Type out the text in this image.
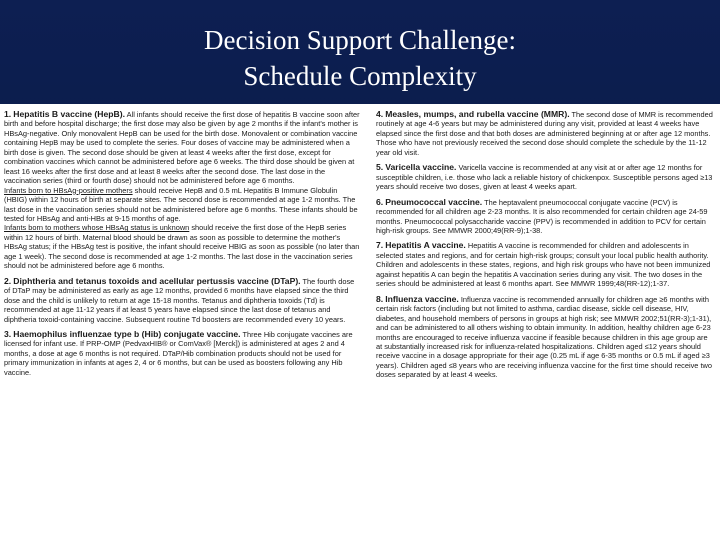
Decision Support Challenge:
Schedule Complexity

1. Hepatitis B vaccine (HepB). All infants should receive the first dose of hepatitis B vaccine soon after birth and before hospital discharge; the first dose may also be given by age 2 months if the infant's mother is HBsAg-negative. Only monovalent HepB can be used for the birth dose. Monovalent or combination vaccine containing HepB may be used to complete the series. Four doses of vaccine may be administered when a birth dose is given. The second dose should be given at least 4 weeks after the first dose, except for combination vaccines which cannot be administered before age 6 weeks. The third dose should be given at least 16 weeks after the first dose and at least 8 weeks after the second dose. The last dose in the vaccination series (third or fourth dose) should not be administered before age 6 months.

Infants born to HBsAg-positive mothers should receive HepB and 0.5 mL Hepatitis B Immune Globulin (HBIG) within 12 hours of birth at separate sites. The second dose is recommended at age 1-2 months. The last dose in the vaccination series should not be administered before age 6 months. These infants should be tested for HBsAg and anti-HBs at 9-15 months of age.

Infants born to mothers whose HBsAg status is unknown should receive the first dose of the HepB series within 12 hours of birth. Maternal blood should be drawn as soon as possible to determine the mother's HBsAg status; if the HBsAg test is positive, the infant should receive HBIG as soon as possible (no later than age 1 week). The second dose is recommended at age 1-2 months. The last dose in the vaccination series should not be administered before age 6 months.

2. Diphtheria and tetanus toxoids and acellular pertussis vaccine (DTaP). The fourth dose of DTaP may be administered as early as age 12 months, provided 6 months have elapsed since the third dose and the child is unlikely to return at age 15-18 months. Tetanus and diphtheria toxoids (Td) is recommended at age 11-12 years if at least 5 years have elapsed since the last dose of tetanus and diphtheria toxoid-containing vaccine. Subsequent routine Td boosters are recommended every 10 years.

3. Haemophilus influenzae type b (Hib) conjugate vaccine. Three Hib conjugate vaccines are licensed for infant use. If PRP-OMP (PedvaxHIB® or ComVax® [Merck]) is administered at ages 2 and 4 months, a dose at age 6 months is not required. DTaP/Hib combination products should not be used for primary immunization in infants at ages 2, 4 or 6 months, but can be used as boosters following any Hib vaccine.

4. Measles, mumps, and rubella vaccine (MMR). The second dose of MMR is recommended routinely at age 4-6 years but may be administered during any visit, provided at least 4 weeks have elapsed since the first dose and that both doses are administered beginning at or after age 12 months. Those who have not previously received the second dose should complete the schedule by the 11-12 year old visit.

5. Varicella vaccine. Varicella vaccine is recommended at any visit at or after age 12 months for susceptible children, i.e. those who lack a reliable history of chickenpox. Susceptible persons aged ≥13 years should receive two doses, given at least 4 weeks apart.

6. Pneumococcal vaccine. The heptavalent pneumococcal conjugate vaccine (PCV) is recommended for all children age 2-23 months. It is also recommended for certain children age 24-59 months. Pneumococcal polysaccharide vaccine (PPV) is recommended in addition to PCV for certain high-risk groups. See MMWR 2000;49(RR-9);1-38.

7. Hepatitis A vaccine. Hepatitis A vaccine is recommended for children and adolescents in selected states and regions, and for certain high-risk groups; consult your local public health authority. Children and adolescents in these states, regions, and high risk groups who have not been immunized against hepatitis A can begin the hepatitis A vaccination series during any visit. The two doses in the series should be administered at least 6 months apart. See MMWR 1999;48(RR-12);1-37.

8. Influenza vaccine. Influenza vaccine is recommended annually for children age ≥6 months with certain risk factors (including but not limited to asthma, cardiac disease, sickle cell disease, HIV, diabetes, and household members of persons in groups at high risk; see MMWR 2002;51(RR-3);1-31), and can be administered to all others wishing to obtain immunity. In addition, healthy children age 6-23 months are encouraged to receive influenza vaccine if feasible because children in this age group are at substantially increased risk for influenza-related hospitalizations. Children aged ≤12 years should receive vaccine in a dosage appropriate for their age (0.25 mL if age 6-35 months or 0.5 mL if aged ≥3 years). Children aged ≤8 years who are receiving influenza vaccine for the first time should receive two doses separated by at least 4 weeks.
